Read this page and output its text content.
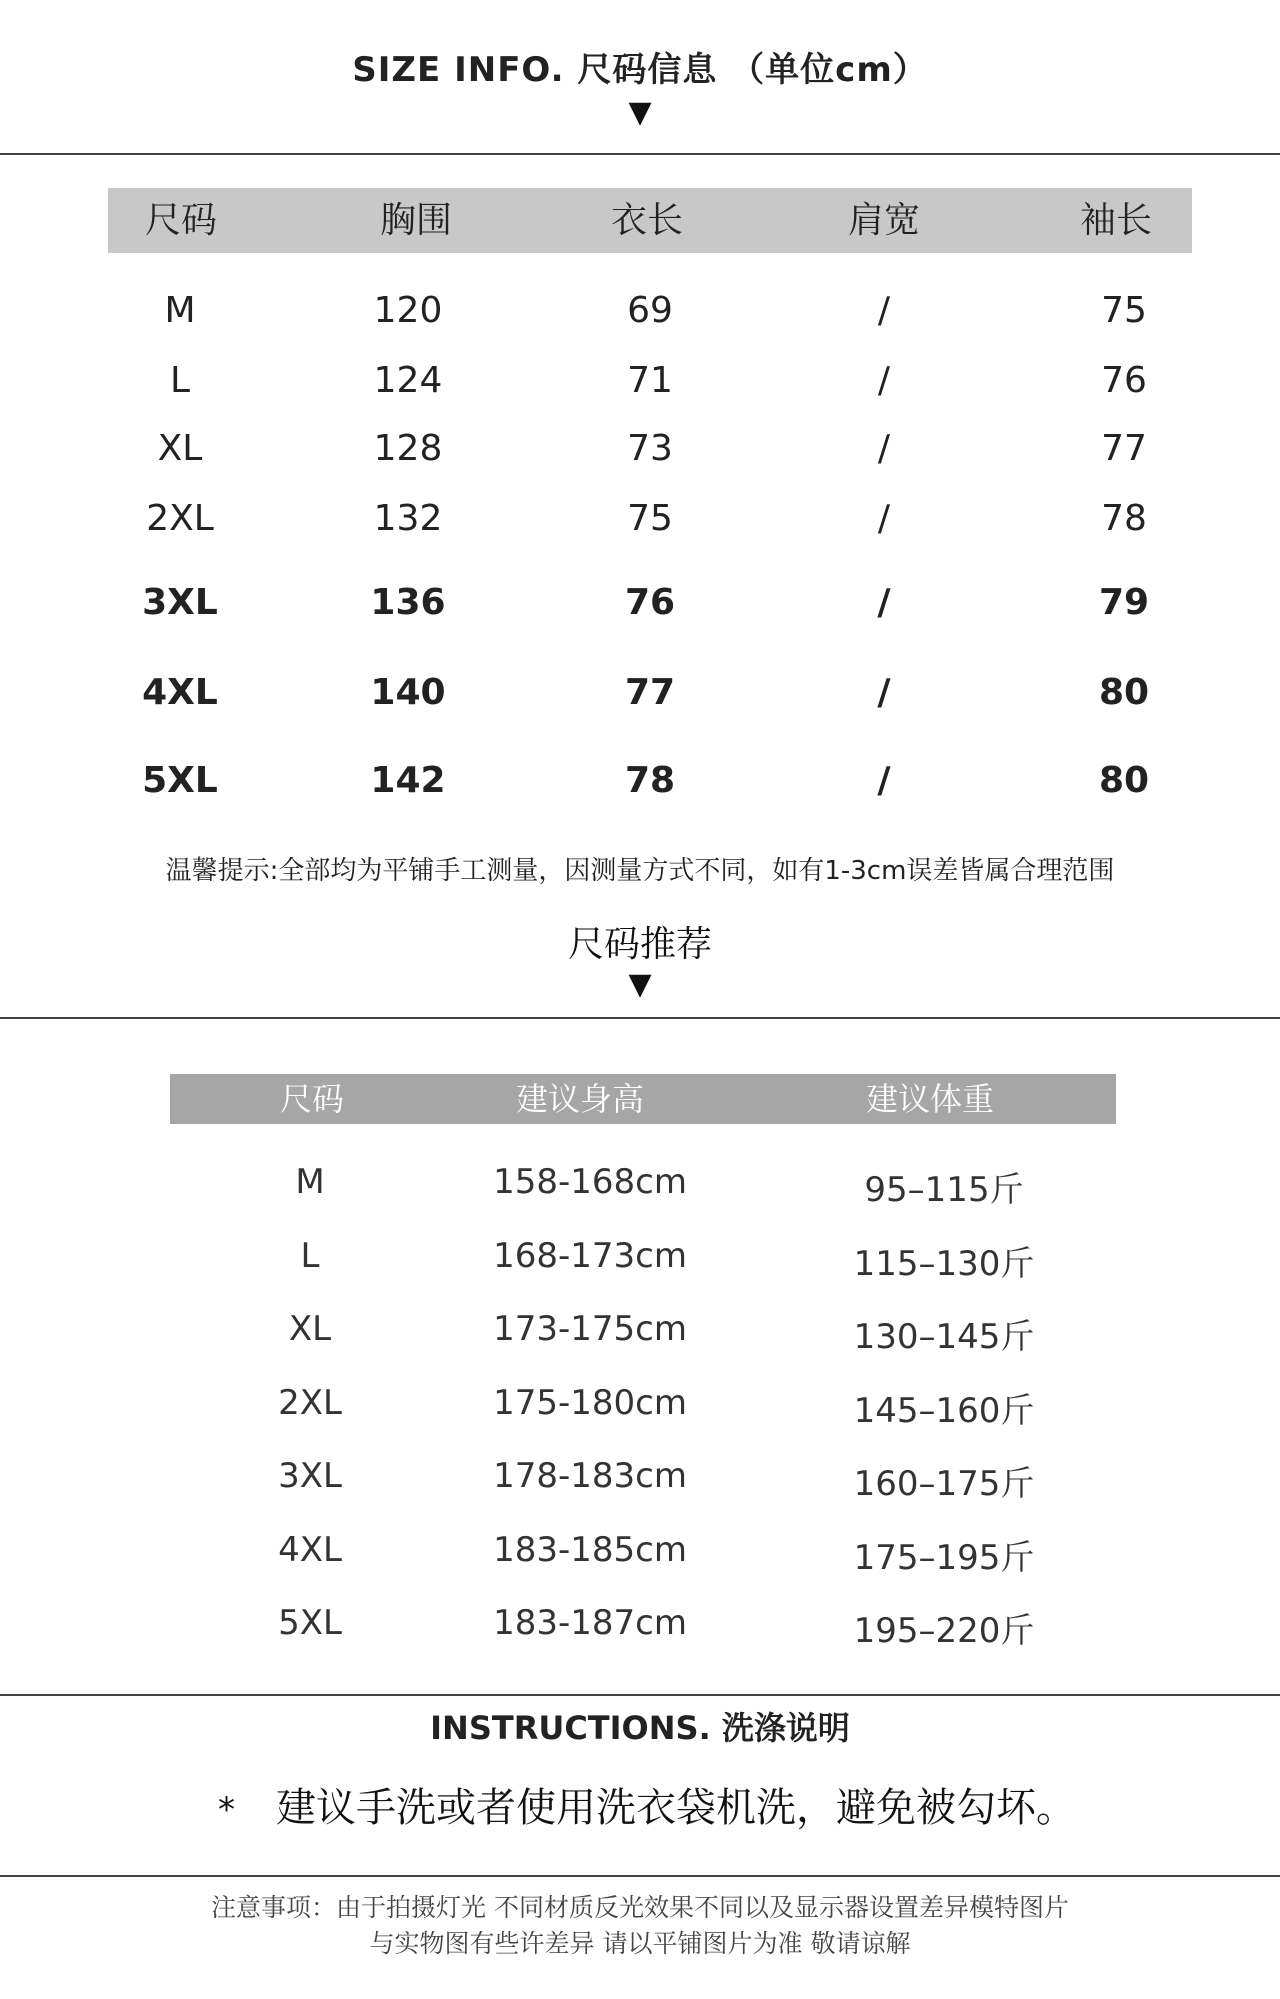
SIZE INFO. 尺码信息 （单位cm）
▼
尺码	胸围	衣长	肩宽	袖长
M	120	69	/	75
L	124	71	/	76
XL	128	73	/	77
2XL	132	75	/	78
3XL	136	76	/	79
4XL	140	77	/	80
5XL	142	78	/	80
温馨提示:全部均为平铺手工测量，因测量方式不同，如有1-3cm误差皆属合理范围
尺码推荐
▼
尺码	建议身高	建议体重
M	158-168cm	95–115斤
L	168-173cm	115–130斤
XL	173-175cm	130–145斤
2XL	175-180cm	145–160斤
3XL	178-183cm	160–175斤
4XL	183-185cm	175–195斤
5XL	183-187cm	195–220斤
INSTRUCTIONS. 洗涤说明
* 建议手洗或者使用洗衣袋机洗，避免被勾坏。
注意事项：由于拍摄灯光 不同材质反光效果不同以及显示器设置差异模特图片
与实物图有些许差异 请以平铺图片为准 敬请谅解
